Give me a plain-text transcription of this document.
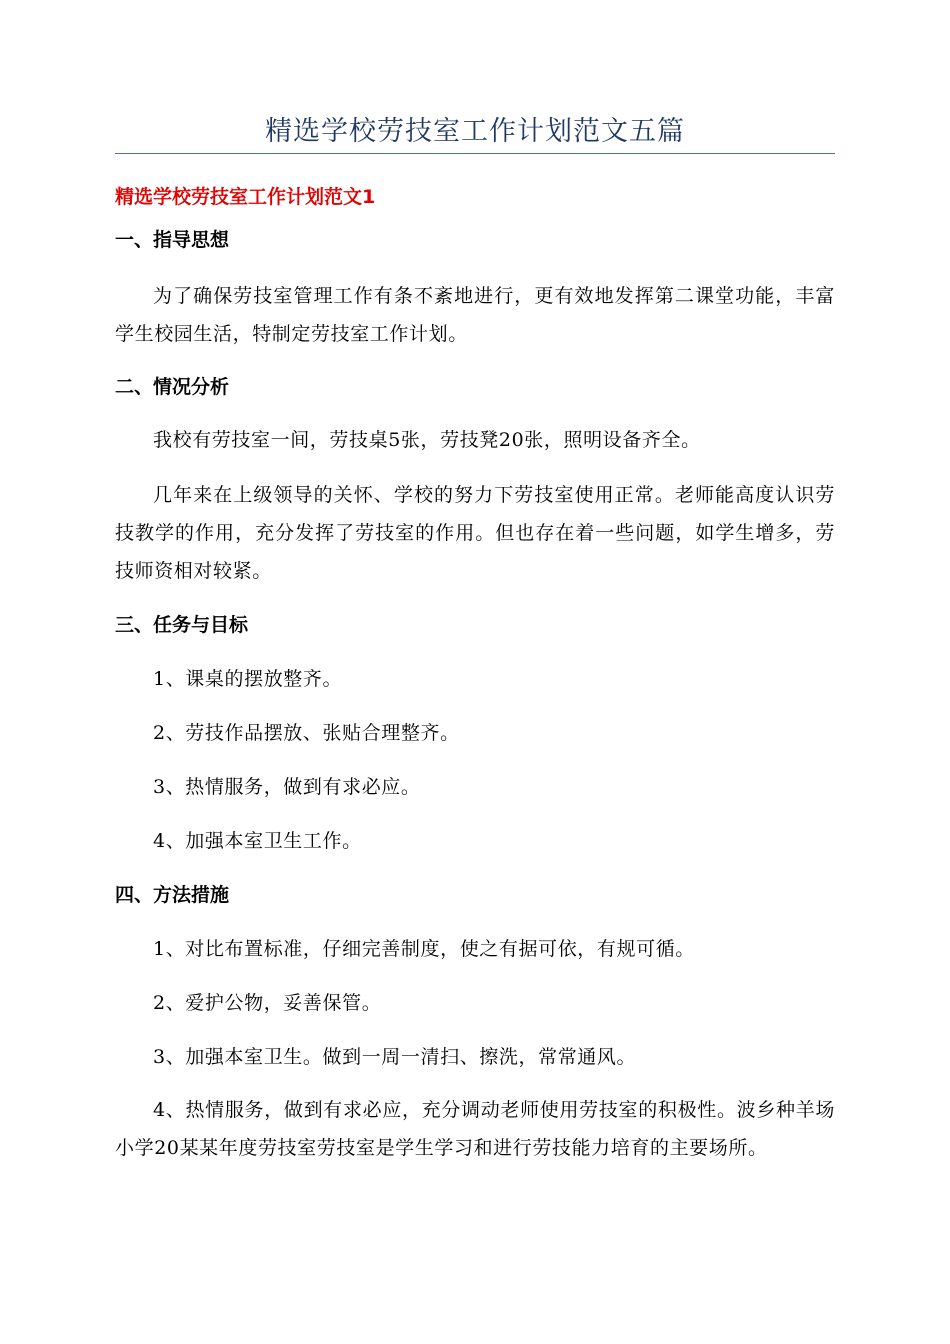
精选学校劳技室工作计划范文五篇
精选学校劳技室工作计划范文1
一、指导思想
为了确保劳技室管理工作有条不紊地进行，更有效地发挥第二课堂功能，丰富学生校园生活，特制定劳技室工作计划。
二、情况分析
我校有劳技室一间，劳技桌5张，劳技凳20张，照明设备齐全。
几年来在上级领导的关怀、学校的努力下劳技室使用正常。老师能高度认识劳技教学的作用，充分发挥了劳技室的作用。但也存在着一些问题，如学生增多，劳技师资相对较紧。
三、任务与目标
1、课桌的摆放整齐。
2、劳技作品摆放、张贴合理整齐。
3、热情服务，做到有求必应。
4、加强本室卫生工作。
四、方法措施
1、对比布置标准，仔细完善制度，使之有据可依，有规可循。
2、爱护公物，妥善保管。
3、加强本室卫生。做到一周一清扫、擦洗，常常通风。
4、热情服务，做到有求必应，充分调动老师使用劳技室的积极性。波乡种羊场小学20某某年度劳技室劳技室是学生学习和进行劳技能力培育的主要场所。
